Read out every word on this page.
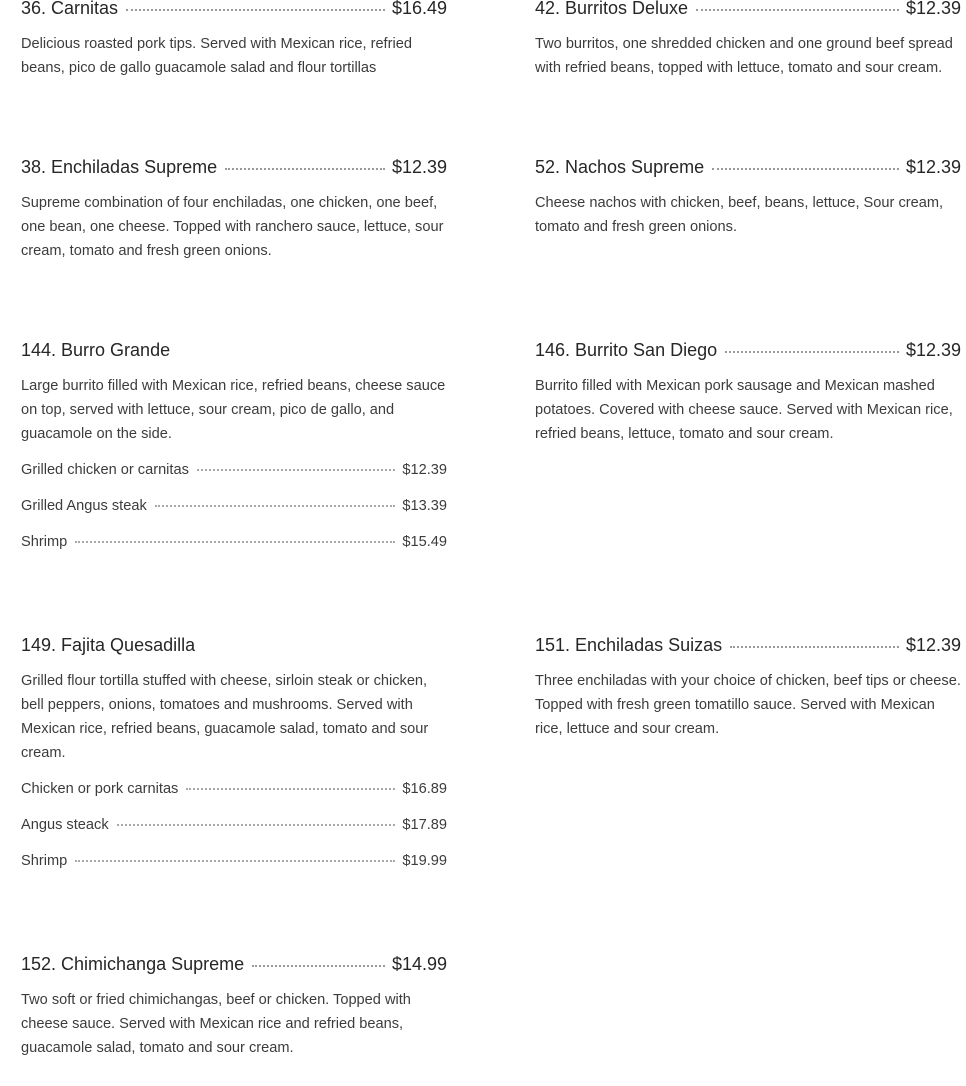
36. Carnitas	$16.49
Delicious roasted pork tips. Served with Mexican rice, refried beans, pico de gallo guacamole salad and flour tortillas
42. Burritos Deluxe	$12.39
Two burritos, one shredded chicken and one ground beef spread with refried beans, topped with lettuce, tomato and sour cream.
38. Enchiladas Supreme	$12.39
Supreme combination of four enchiladas, one chicken, one beef, one bean, one cheese. Topped with ranchero sauce, lettuce, sour cream, tomato and fresh green onions.
52. Nachos Supreme	$12.39
Cheese nachos with chicken, beef, beans, lettuce, Sour cream, tomato and fresh green onions.
144. Burro Grande
Large burrito filled with Mexican rice, refried beans, cheese sauce on top, served with lettuce, sour cream, pico de gallo, and guacamole on the side.
Grilled chicken or carnitas	$12.39
Grilled Angus steak	$13.39
Shrimp	$15.49
146. Burrito San Diego	$12.39
Burrito filled with Mexican pork sausage and Mexican mashed potatoes. Covered with cheese sauce. Served with Mexican rice, refried beans, lettuce, tomato and sour cream.
149. Fajita Quesadilla
Grilled flour tortilla stuffed with cheese, sirloin steak or chicken, bell peppers, onions, tomatoes and mushrooms. Served with Mexican rice, refried beans, guacamole salad, tomato and sour cream.
Chicken or pork carnitas	$16.89
Angus steack	$17.89
Shrimp	$19.99
151. Enchiladas Suizas	$12.39
Three enchiladas with your choice of chicken, beef tips or cheese. Topped with fresh green tomatillo sauce. Served with Mexican rice, lettuce and sour cream.
152. Chimichanga Supreme	$14.99
Two soft or fried chimichangas, beef or chicken. Topped with cheese sauce. Served with Mexican rice and refried beans, guacamole salad, tomato and sour cream.
